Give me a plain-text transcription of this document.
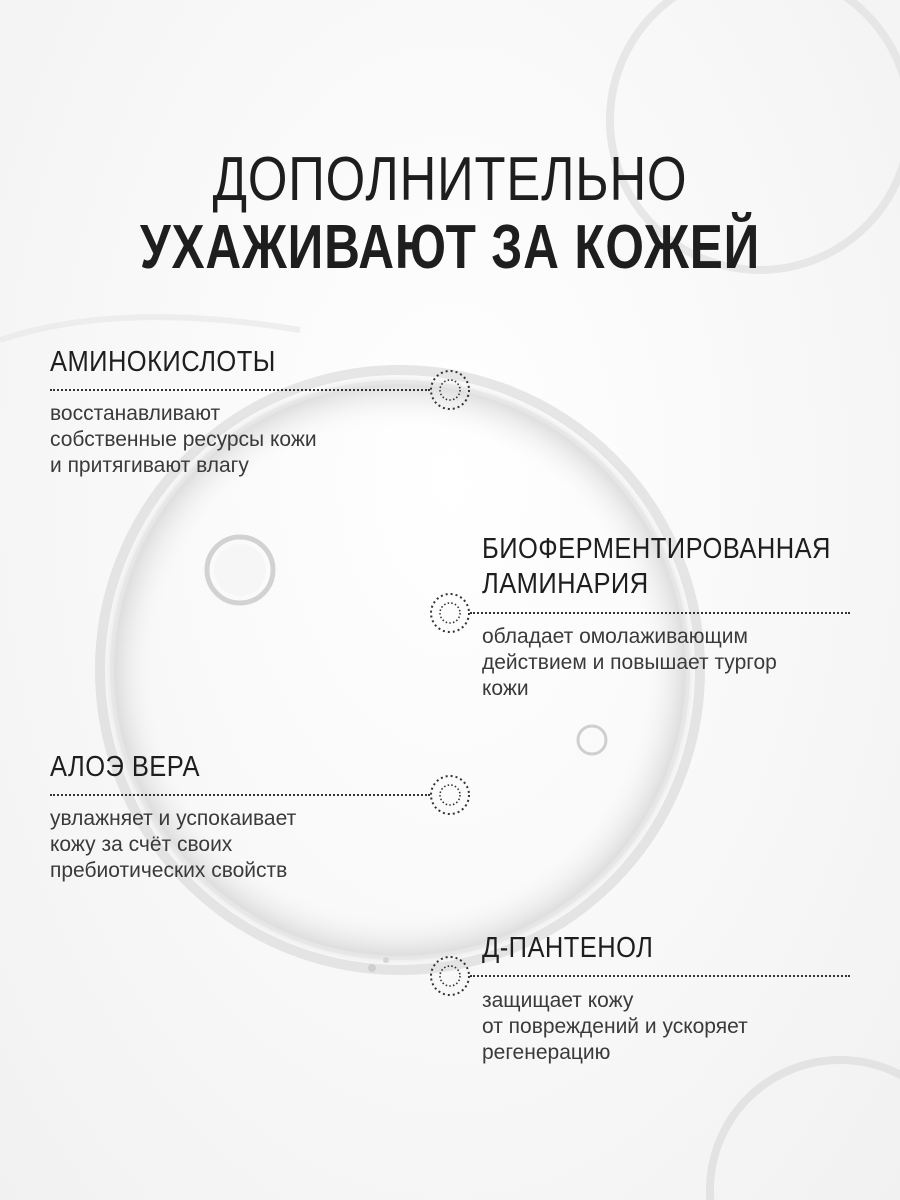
ДОПОЛНИТЕЛЬНО
УХАЖИВАЮТ ЗА КОЖЕЙ
АМИНОКИСЛОТЫ
восстанавливают
собственные ресурсы кожи
и притягивают влагу
БИОФЕРМЕНТИРОВАННАЯ
ЛАМИНАРИЯ
обладает омолаживающим
действием и повышает тургор
кожи
АЛОЭ ВЕРА
увлажняет и успокаивает
кожу за счёт своих
пребиотических свойств
Д-ПАНТЕНОЛ
защищает кожу
от повреждений и ускоряет
регенерацию
